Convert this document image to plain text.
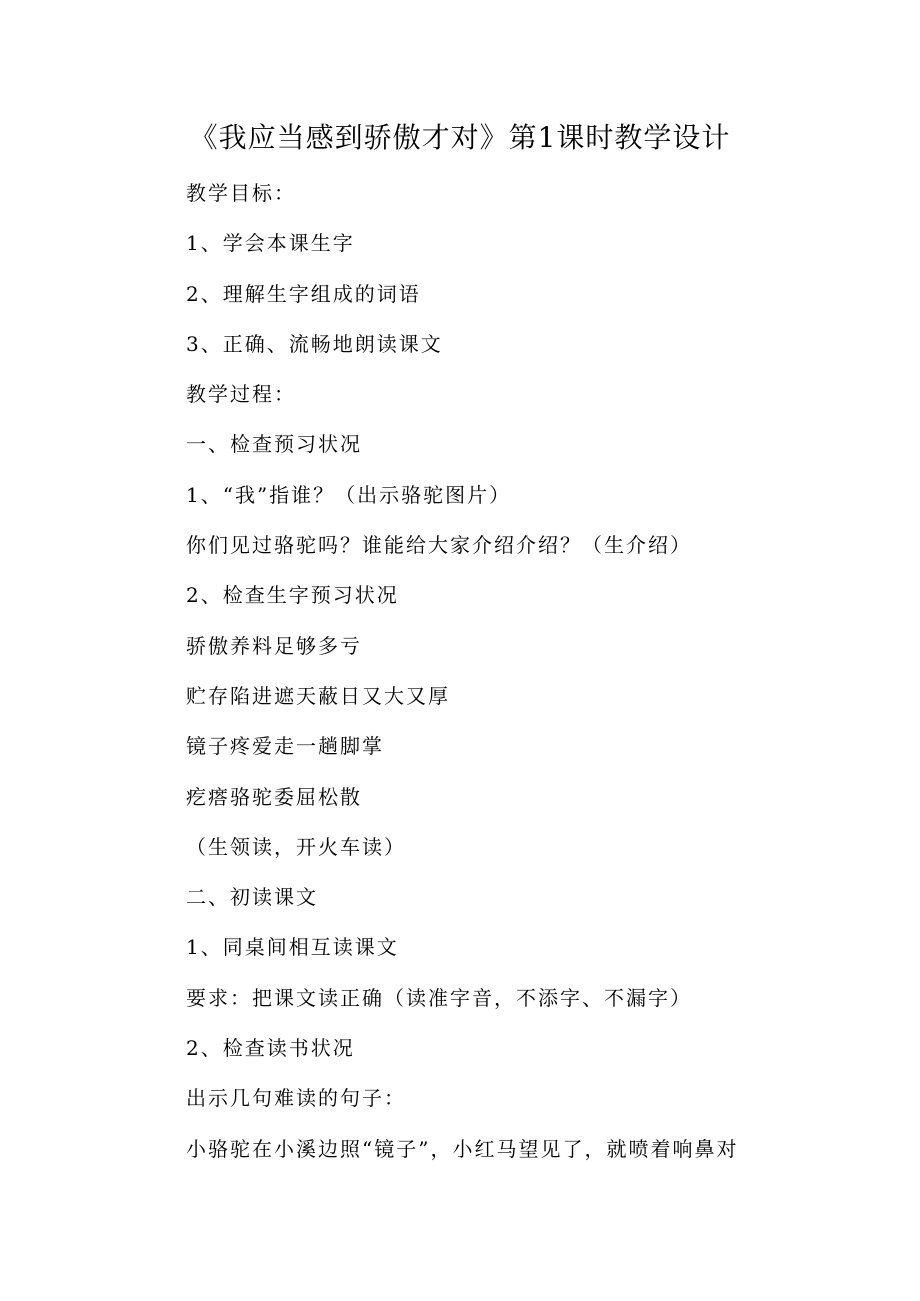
《我应当感到骄傲才对》第1课时教学设计
教学目标：
1、学会本课生字
2、理解生字组成的词语
3、正确、流畅地朗读课文
教学过程：
一、检查预习状况
1、“我”指谁？（出示骆驼图片）
你们见过骆驼吗？谁能给大家介绍介绍？（生介绍）
2、检查生字预习状况
骄傲养料足够多亏
贮存陷进遮天蔽日又大又厚
镜子疼爱走一趟脚掌
疙瘩骆驼委屈松散
（生领读，开火车读）
二、初读课文
1、同桌间相互读课文
要求：把课文读正确（读准字音，不添字、不漏字）
2、检查读书状况
出示几句难读的句子：
小骆驼在小溪边照“镜子”，小红马望见了，就喷着响鼻对
